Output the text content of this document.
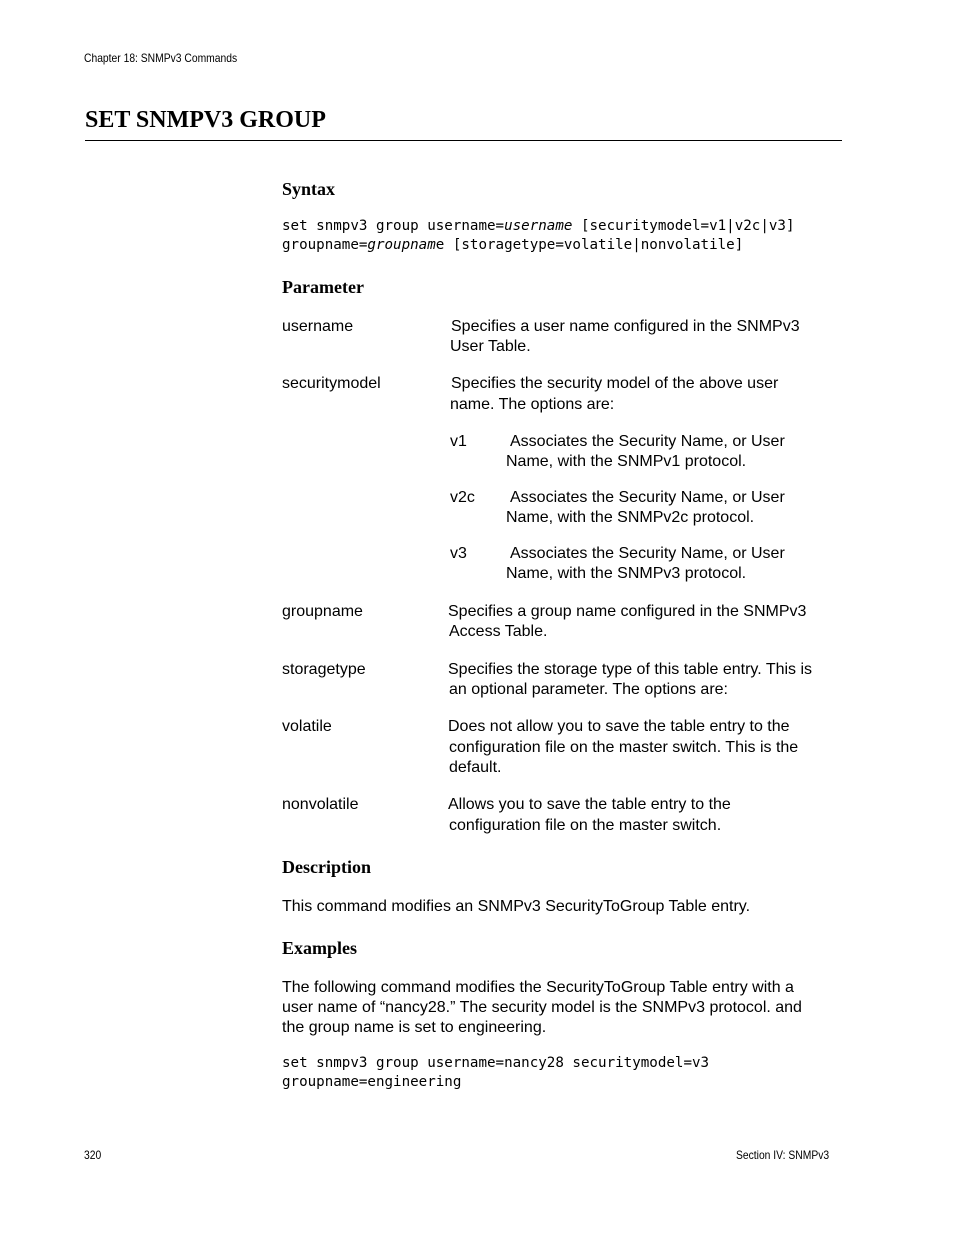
Chapter 18: SNMPv3 Commands
SET SNMPV3 GROUP
Syntax
set snmpv3 group username=username [securitymodel=v1|v2c|v3]
groupname=groupname [storagetype=volatile|nonvolatile]
Parameter
username	Specifies a user name configured in the SNMPv3
User Table.
securitymodel	Specifies the security model of the above user
name. The options are:
v1	Associates the Security Name, or User
Name, with the SNMPv1 protocol.
v2c Associates the Security Name, or User
Name, with the SNMPv2c protocol.
v3	Associates the Security Name, or User
Name, with the SNMPv3 protocol.
groupname	Specifies a group name configured in the SNMPv3
Access Table.
storagetype	Specifies the storage type of this table entry. This is
an optional parameter. The options are:
volatile	Does not allow you to save the table entry to the
configuration file on the master switch. This is the
default.
nonvolatile	Allows you to save the table entry to the
configuration file on the master switch.
Description
This command modifies an SNMPv3 SecurityToGroup Table entry.
Examples
The following command modifies the SecurityToGroup Table entry with a
user name of “nancy28.” The security model is the SNMPv3 protocol. and
the group name is set to engineering.
set snmpv3 group username=nancy28 securitymodel=v3
groupname=engineering
320	Section IV: SNMPv3
